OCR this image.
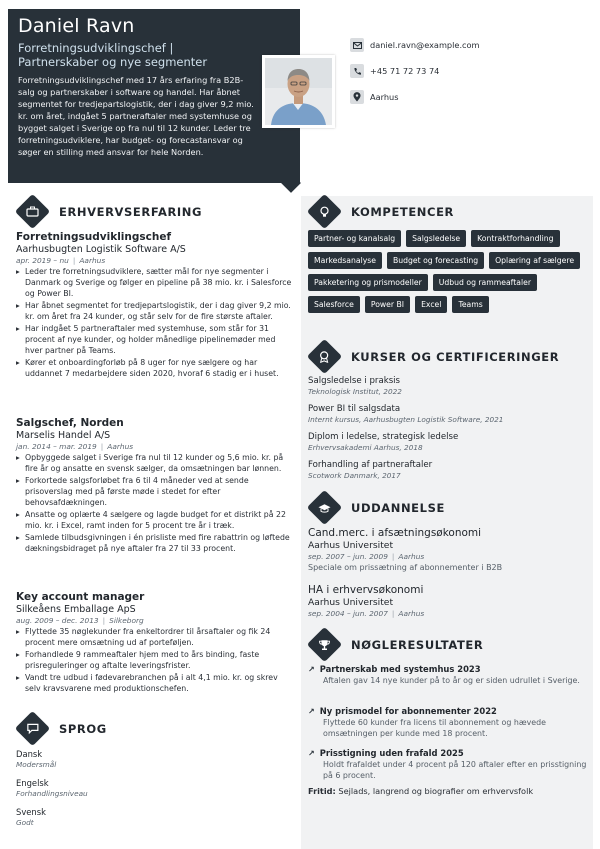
Daniel Ravn
Forretningsudviklingschef | Partnerskaber og nye segmenter
Forretningsudviklingschef med 17 års erfaring fra B2B-salg og partnerskaber i software og handel. Har åbnet segmentet for tredjepartslogistik, der i dag giver 9,2 mio. kr. om året, indgået 5 partneraftaler med systemhuse og bygget salget i Sverige op fra nul til 12 kunder. Leder tre forretningsudviklere, har budget- og forecastansvar og søger en stilling med ansvar for hele Norden.
daniel.ravn@example.com
+45 71 72 73 74
Aarhus
ERHVERVSERFARING
Forretningsudviklingschef
Aarhusbugten Logistik Software A/S
apr. 2019 – nu | Aarhus
▸ Leder tre forretningsudviklere, sætter mål for nye segmenter i Danmark og Sverige og følger en pipeline på 38 mio. kr. i Salesforce og Power BI.
▸ Har åbnet segmentet for tredjepartslogistik, der i dag giver 9,2 mio. kr. om året fra 24 kunder, og står selv for de fire største aftaler.
▸ Har indgået 5 partneraftaler med systemhuse, som står for 31 procent af nye kunder, og holder månedlige pipelinemøder med hver partner på Teams.
▸ Kører et onboardingforløb på 8 uger for nye sælgere og har uddannet 7 medarbejdere siden 2020, hvoraf 6 stadig er i huset.
Salgschef, Norden
Marselis Handel A/S
jan. 2014 – mar. 2019 | Aarhus
▸ Opbyggede salget i Sverige fra nul til 12 kunder og 5,6 mio. kr. på fire år og ansatte en svensk sælger, da omsætningen bar lønnen.
▸ Forkortede salgsforløbet fra 6 til 4 måneder ved at sende prisoverslag med på første møde i stedet for efter behovsafdækningen.
▸ Ansatte og oplærte 4 sælgere og lagde budget for et distrikt på 22 mio. kr. i Excel, ramt inden for 5 procent tre år i træk.
▸ Samlede tilbudsgivningen i én prisliste med fire rabattrin og løftede dækningsbidraget på nye aftaler fra 27 til 33 procent.
Key account manager
Silkeåens Emballage ApS
aug. 2009 – dec. 2013 | Silkeborg
▸ Flyttede 35 nøglekunder fra enkeltordrer til årsaftaler og fik 24 procent mere omsætning ud af porteføljen.
▸ Forhandlede 9 rammeaftaler hjem med to års binding, faste prisreguleringer og aftalte leveringsfrister.
▸ Vandt tre udbud i fødevarebranchen på i alt 4,1 mio. kr. og skrev selv kravsvarene med produktionschefen.
SPROG
Dansk
Modersmål
Engelsk
Forhandlingsniveau
Svensk
Godt
KOMPETENCER
Partner- og kanalsalg	Salgsledelse	Kontraktforhandling
Markedsanalyse	Budget og forecasting	Oplæring af sælgere
Pakketering og prismodeller	Udbud og rammeaftaler
Salesforce	Power BI	Excel	Teams
KURSER OG CERTIFICERINGER
Salgsledelse i praksis
Teknologisk Institut, 2022
Power BI til salgsdata
Internt kursus, Aarhusbugten Logistik Software, 2021
Diplom i ledelse, strategisk ledelse
Erhvervsakademi Aarhus, 2018
Forhandling af partneraftaler
Scotwork Danmark, 2017
UDDANNELSE
Cand.merc. i afsætningsøkonomi
Aarhus Universitet
sep. 2007 – jun. 2009 | Aarhus
Speciale om prissætning af abonnementer i B2B
HA i erhvervsøkonomi
Aarhus Universitet
sep. 2004 – jun. 2007 | Aarhus
NØGLERESULTATER
↗ Partnerskab med systemhus 2023
Aftalen gav 14 nye kunder på to år og er siden udrullet i Sverige.
↗ Ny prismodel for abonnementer 2022
Flyttede 60 kunder fra licens til abonnement og hævede omsætningen per kunde med 18 procent.
↗ Prisstigning uden frafald 2025
Holdt frafaldet under 4 procent på 120 aftaler efter en prisstigning på 6 procent.
Fritid: Sejlads, langrend og biografier om erhvervsfolk
